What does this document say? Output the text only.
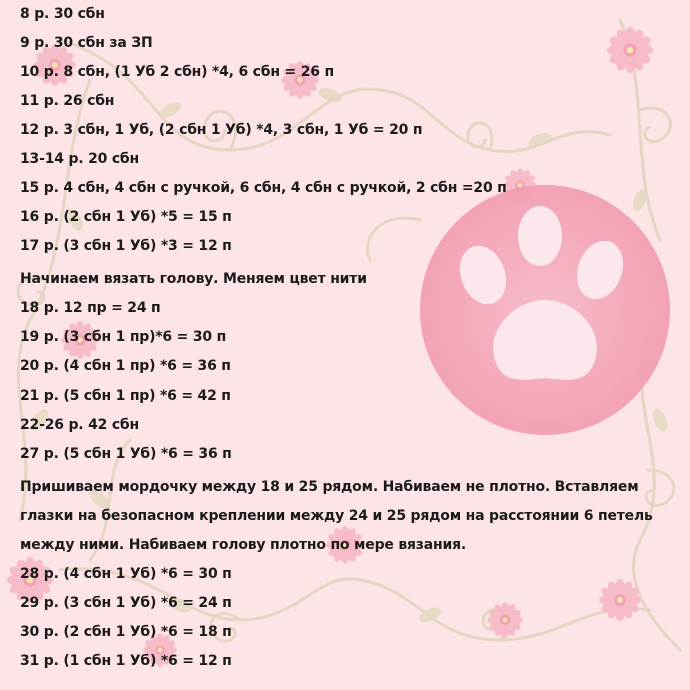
8 р. 30 сбн
9 р. 30 сбн за ЗП
10 р. 8 сбн, (1 Уб 2 сбн) *4, 6 сбн = 26 п
11 р. 26 сбн
12 р. 3 сбн, 1 Уб, (2 сбн 1 Уб) *4, 3 сбн, 1 Уб = 20 п
13-14 р. 20 сбн
15 р. 4 сбн, 4 сбн с ручкой, 6 сбн, 4 сбн с ручкой, 2 сбн =20 п
16 р. (2 сбн 1 Уб) *5 = 15 п
17 р. (3 сбн 1 Уб) *3 = 12 п
Начинаем вязать голову. Меняем цвет нити
18 р. 12 пр = 24 п
19 р. (3 сбн 1 пр)*6 = 30 п
20 р. (4 сбн 1 пр) *6 = 36 п
21 р. (5 сбн 1 пр) *6 = 42 п
22-26 р. 42 сбн
27 р. (5 сбн 1 Уб) *6 = 36 п
Пришиваем мордочку между 18 и 25 рядом. Набиваем не плотно. Вставляем
глазки на безопасном креплении между 24 и 25 рядом на расстоянии 6 петель
между ними. Набиваем голову плотно по мере вязания.
28 р. (4 сбн 1 Уб) *6 = 30 п
29 р. (3 сбн 1 Уб) *6 = 24 п
30 р. (2 сбн 1 Уб) *6 = 18 п
31 р. (1 сбн 1 Уб) *6 = 12 п
